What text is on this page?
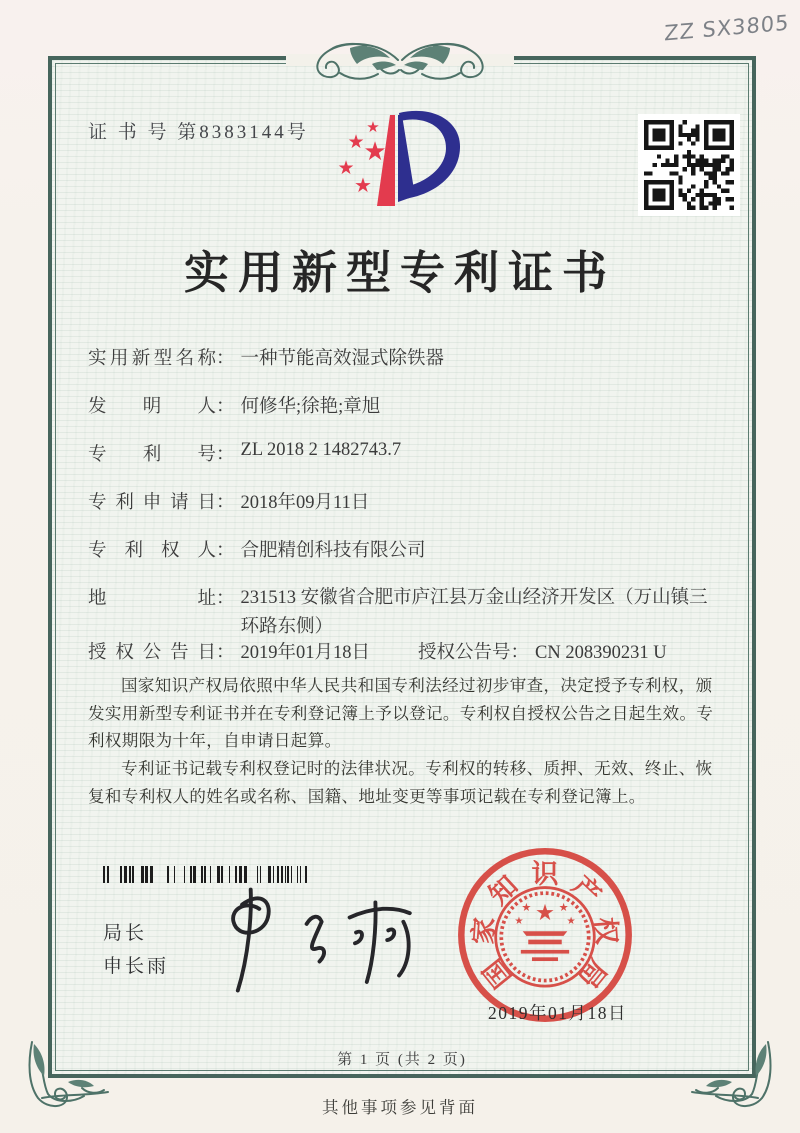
ZZ SX3805
证 书 号 第8383144号	★
★
★
★
★
实用新型专利证书
实用新型名称： 一种节能高效湿式除铁器
发明人： 何修华;徐艳;章旭
专利号： ZL 2018 2 1482743.7
专利申请日： 2018年09月11日
专利权人： 合肥精创科技有限公司
地址： 231513 安徽省合肥市庐江县万金山经济开发区（万山镇三环路东侧）
授权公告日： 2019年01月18日	授权公告号： CN 208390231 U

国家知识产权局依照中华人民共和国专利法经过初步审查，决定授予专利权，颁发实用新型专利证书并在专利登记簿上予以登记。专利权自授权公告之日起生效。专利权期限为十年，自申请日起算。

专利证书记载专利权登记时的法律状况。专利权的转移、质押、无效、终止、恢复和专利权人的姓名或名称、国籍、地址变更等事项记载在专利登记簿上。

局长
申长雨	国
家
知 识 产
权
局
★
★ ★
★	★
2019年01月18日
第 1 页 (共 2 页)
其他事项参见背面
